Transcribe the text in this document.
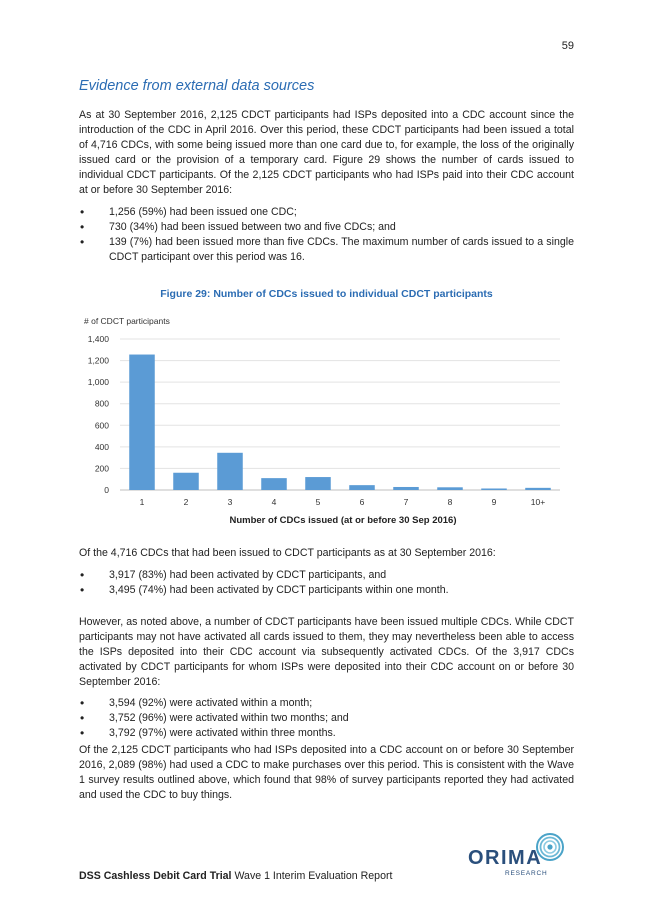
59
Evidence from external data sources

As at 30 September 2016, 2,125 CDCT participants had ISPs deposited into a CDC account since the introduction of the CDC in April 2016. Over this period, these CDCT participants had been issued a total of 4,716 CDCs, with some being issued more than one card due to, for example, the loss of the originally issued card or the provision of a temporary card. Figure 29 shows the number of cards issued to individual CDCT participants. Of the 2,125 CDCT participants who had ISPs paid into their CDC account at or before 30 September 2016:

• 1,256 (59%) had been issued one CDC;
• 730 (34%) had been issued between two and five CDCs; and
• 139 (7%) had been issued more than five CDCs. The maximum number of cards issued to a single CDCT participant over this period was 16.
Figure 29: Number of CDCs issued to individual CDCT participants
# of CDCT participants
Number of CDCs issued (at or before 30 Sep 2016)
0
200
400
600
800
1,000
1,200
1,400
1	2	3	4	5	6	7	8	9	10+

Of the 4,716 CDCs that had been issued to CDCT participants as at 30 September 2016:

• 3,917 (83%) had been activated by CDCT participants, and
• 3,495 (74%) had been activated by CDCT participants within one month.

However, as noted above, a number of CDCT participants have been issued multiple CDCs. While CDCT participants may not have activated all cards issued to them, they may nevertheless been able to access the ISPs deposited into their CDC account via subsequently activated CDCs. Of the 3,917 CDCs activated by CDCT participants for whom ISPs were deposited into their CDC account on or before 30 September 2016:

• 3,594 (92%) were activated within a month;
• 3,752 (96%) were activated within two months; and
• 3,792 (97%) were activated within three months.

Of the 2,125 CDCT participants who had ISPs deposited into a CDC account on or before 30 September 2016, 2,089 (98%) had used a CDC to make purchases over this period. This is consistent with the Wave 1 survey results outlined above, which found that 98% of survey participants reported they had activated and used the CDC to buy things.

ORIMA
RESEARCH
DSS Cashless Debit Card Trial Wave 1 Interim Evaluation Report
